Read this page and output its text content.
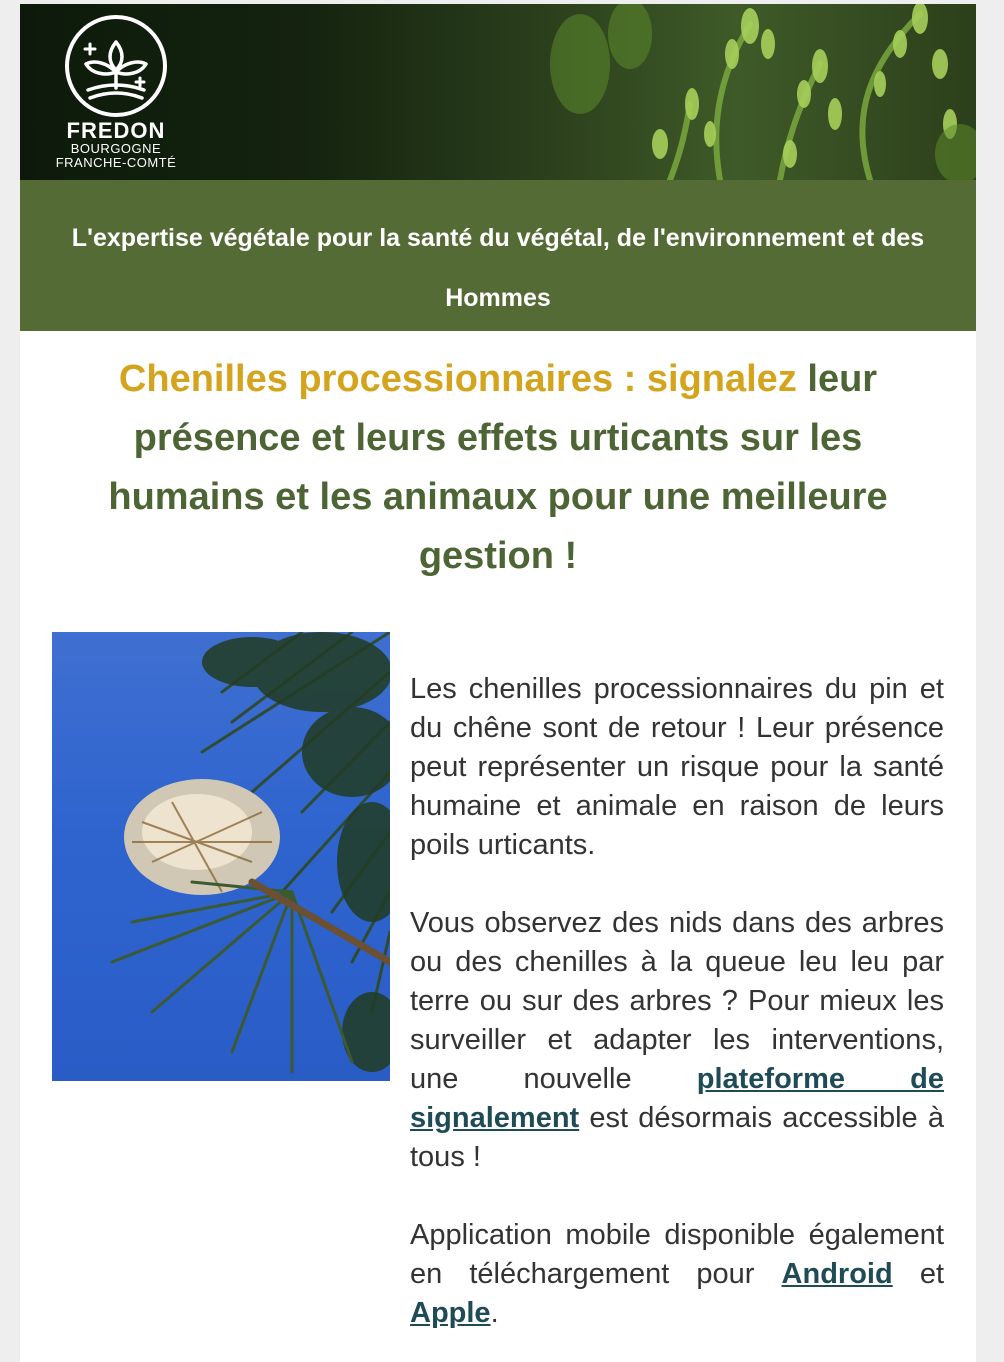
FREDON
BOURGOGNE
FRANCHE-COMTÉ

L'expertise végétale pour la santé du végétal, de l'environnement et des Hommes

Chenilles processionnaires : signalez leur présence et leurs effets urticants sur les humains et les animaux pour une meilleure gestion !

Les chenilles processionnaires du pin et du chêne sont de retour ! Leur présence peut représenter un risque pour la santé humaine et animale en raison de leurs poils urticants.

Vous observez des nids dans des arbres ou des chenilles à la queue leu leu par terre ou sur des arbres ? Pour mieux les surveiller et adapter les interventions, une nouvelle plateforme de signalement est désormais accessible à tous !

Application mobile disponible également en téléchargement pour Android et Apple.
